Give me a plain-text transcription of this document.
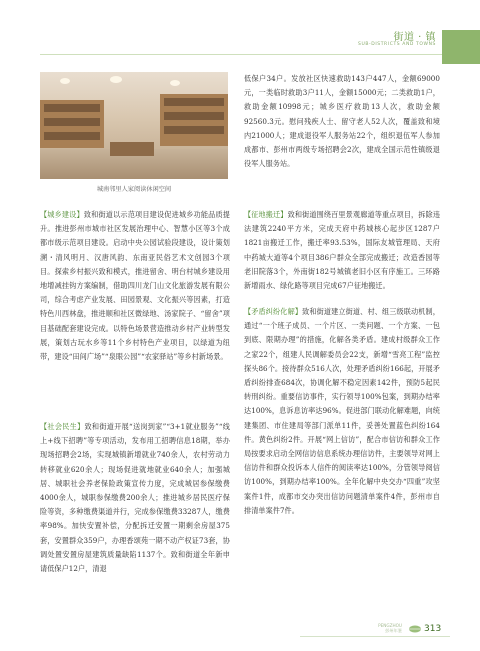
街道 · 镇
SUB-DISTRICTS AND TOWNS
城南邻里人家阅读休闲空间

【城乡建设】致和街道以示范项目建设促进城乡功能品质提升。推进彭州市城市社区发展治理中心、智慧小区等3个成都市级示范项目建设。启动中央公园试验段建设，设计策划溯・清风明月、汉唐风韵、东南亚民俗艺术文创园3个项目。探索乡村振兴致和模式，推进留舍、明台村城乡建设用地增减挂钩方案编制，借助四川龙门山文化旅游发展有限公司，综合考虑产业发展、田园景观、文化振兴等因素，打造特色川西林盘，推进顺和社区微绿地、汤家院子、“留舍”项目基础配套建设完成。以特色场景营造推动乡村产业转型发展，策划古玩水乡等11个乡村特色产业项目，以绿道为纽带，建设“田间广场”“泉眼公园”“农家驿站”等乡村新场景。

【社会民生】致和街道开展“送岗到家”“3+1就业服务”“线上+线下招聘”等专项活动，发布用工招聘信息18期，举办现场招聘会2场，实现城镇新增就业740余人，农村劳动力转移就业620余人；现场促进就地就业640余人；加强城居、城职社会养老保险政策宣传力度，完成城居参保缴费4000余人，城职参保缴费200余人；推进城乡居民医疗保险等资，多种缴费渠道并行，完成参保缴费33287人，缴费率98%。加快安置补偿，分配拆迁安置一期剩余房屋375套，安置群众359户，办理香颂苑一期不动产权证73套，协调处置安置房屋建筑质量缺陷1137个。致和街道全年新申请低保户12户，清退

低保户34户。发放社区快速救助143户447人，金额69000元，一类临时救助3户11人，金额15000元；二类救助1户，救助金额10998元；城乡医疗救助13人次，救助金额92560.3元。慰问残疾人士、留守老人52人次，覆盖致和境内21000人；建成退役军人服务站22个，组织退伍军人参加成都市、彭州市两级专场招聘会2次，建成全国示范性镇级退役军人服务站。

【征地搬迁】致和街道围绕百里景观廊道等重点项目，拆除违法建筑2240平方米，完成天府中药城核心起步区1287户1821亩搬迁工作，搬迁率93.53%，国际友城管理局、天府中药城大道等4个项目386户群众全部完成搬迁；改造香园等老旧院落3个，外南街182号城镇老旧小区有序施工。三环路新增雨水、绿化路等项目完成67户征地搬迁。

【矛盾纠纷化解】致和街道建立街道、村、组三级联动机制，通过“一个班子成员、一个片区、一类问题、一个方案、一包到底、限期办理”的措施，化解各类矛盾。建成村级群众工作之家22个，组建人民调解委员会22支，新增“雪亮工程”监控探头86个。接待群众516人次，处理矛盾纠纷166起，开展矛盾纠纷排查684次，协调化解不稳定因素142件，预防5起民转刑纠纷。重要信访事件，实行领导100%包案，到期办结率达100%，息诉息访率达96%。促进部门联动化解难题，向统建集团、市住建局等部门派单11件，妥善处置蓝色纠纷164件。黄色纠纷2件。开展“网上信访”，配合市信访和群众工作局按要求启动全网信访信息系统办理信访件，主要领导对网上信访件和群众投诉本人信件的阅读率达100%，分管领导阅信访100%，到期办结率100%。全年化解中央交办“四重”攻坚案件1件，成都市交办突出信访问题清单案件4件，彭州市自排清单案件7件。

PENGZHOU
彭州年鉴 313
